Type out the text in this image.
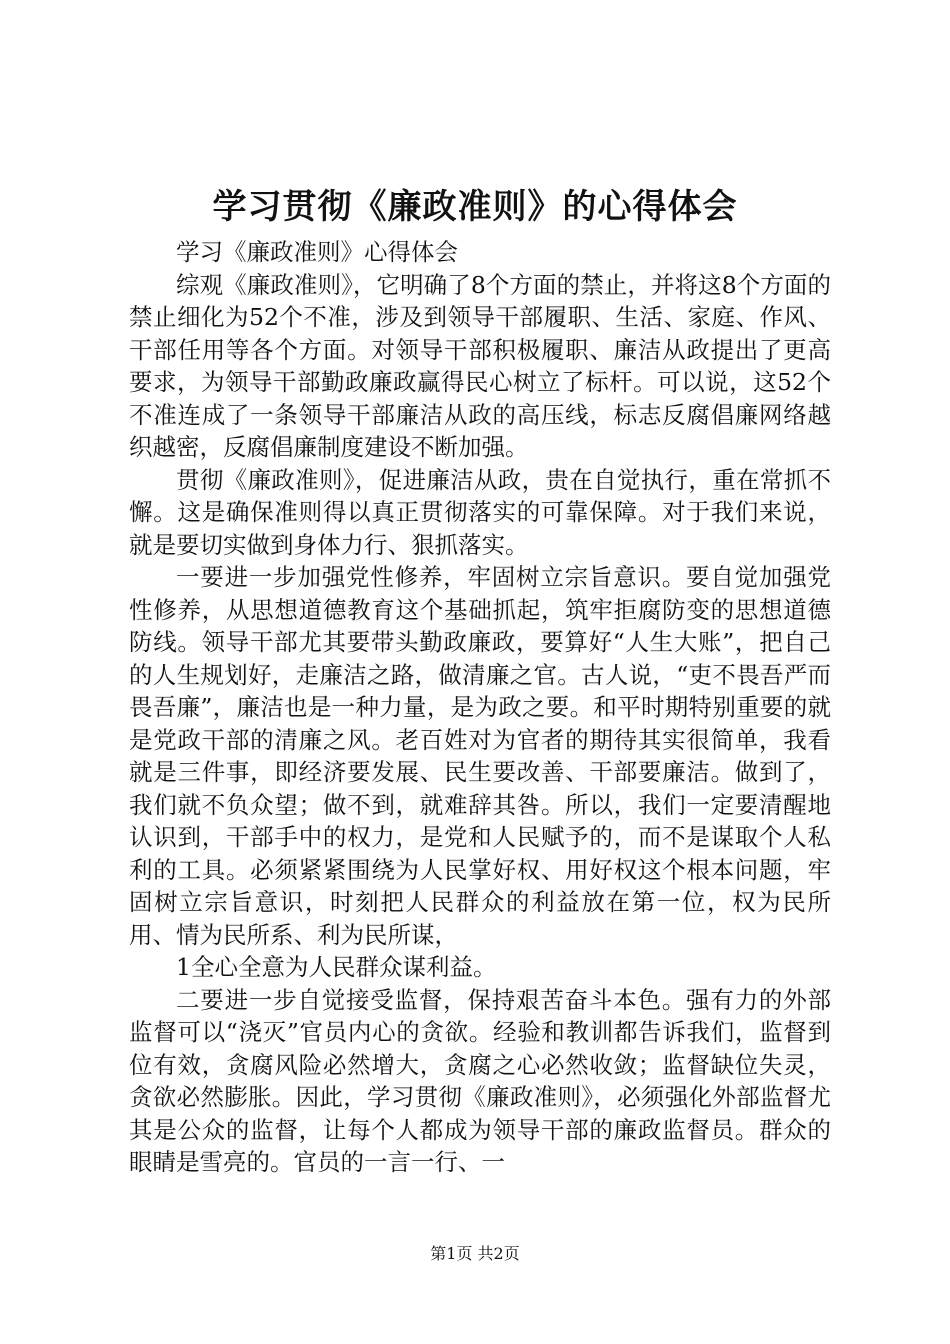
学习贯彻《廉政准则》的心得体会

学习《廉政准则》心得体会

综观《廉政准则》，它明确了8个方面的禁止，并将这8个方面的禁止细化为52个不准，涉及到领导干部履职、生活、家庭、作风、干部任用等各个方面。对领导干部积极履职、廉洁从政提出了更高要求，为领导干部勤政廉政赢得民心树立了标杆。可以说，这52个不准连成了一条领导干部廉洁从政的高压线，标志反腐倡廉网络越织越密，反腐倡廉制度建设不断加强。

贯彻《廉政准则》，促进廉洁从政，贵在自觉执行，重在常抓不懈。这是确保准则得以真正贯彻落实的可靠保障。对于我们来说，就是要切实做到身体力行、狠抓落实。

一要进一步加强党性修养，牢固树立宗旨意识。要自觉加强党性修养，从思想道德教育这个基础抓起，筑牢拒腐防变的思想道德防线。领导干部尤其要带头勤政廉政，要算好“人生大账”，把自己的人生规划好，走廉洁之路，做清廉之官。古人说，“吏不畏吾严而畏吾廉”，廉洁也是一种力量，是为政之要。和平时期特别重要的就是党政干部的清廉之风。老百姓对为官者的期待其实很简单，我看就是三件事，即经济要发展、民生要改善、干部要廉洁。做到了，我们就不负众望；做不到，就难辞其咎。所以，我们一定要清醒地认识到，干部手中的权力，是党和人民赋予的，而不是谋取个人私利的工具。必须紧紧围绕为人民掌好权、用好权这个根本问题，牢固树立宗旨意识，时刻把人民群众的利益放在第一位，权为民所用、情为民所系、利为民所谋，

1全心全意为人民群众谋利益。

二要进一步自觉接受监督，保持艰苦奋斗本色。强有力的外部监督可以“浇灭”官员内心的贪欲。经验和教训都告诉我们，监督到位有效，贪腐风险必然增大，贪腐之心必然收敛；监督缺位失灵，贪欲必然膨胀。因此，学习贯彻《廉政准则》，必须强化外部监督尤其是公众的监督，让每个人都成为领导干部的廉政监督员。群众的眼睛是雪亮的。官员的一言一行、一

第1页 共2页
